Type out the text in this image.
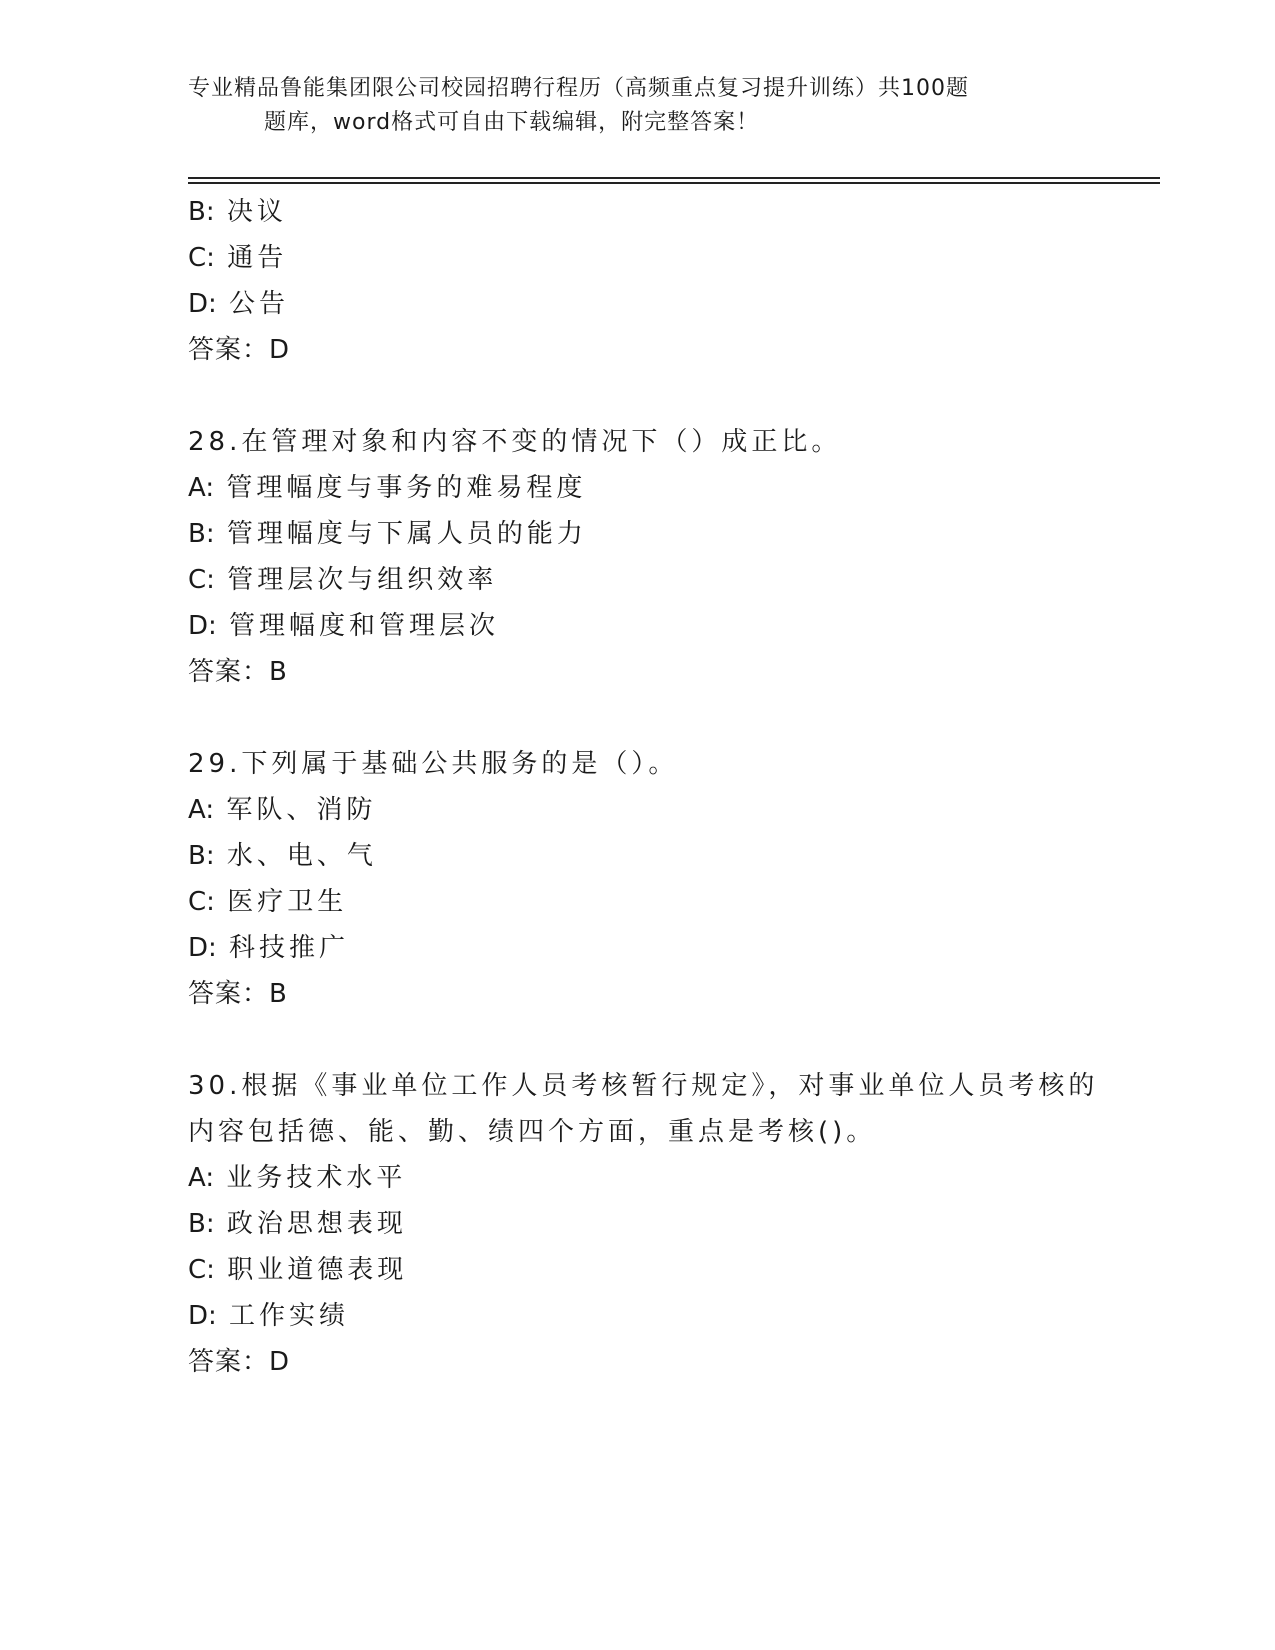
专业精品鲁能集团限公司校园招聘行程历（高频重点复习提升训练）共100题
题库，word格式可自由下载编辑，附完整答案！
B: 决议
C: 通告
D: 公告
答案：D
28.在管理对象和内容不变的情况下（）成正比。
A: 管理幅度与事务的难易程度
B: 管理幅度与下属人员的能力
C: 管理层次与组织效率
D: 管理幅度和管理层次
答案：B
29.下列属于基础公共服务的是（）。
A: 军队、消防
B: 水、电、气
C: 医疗卫生
D: 科技推广
答案：B
30.根据《事业单位工作人员考核暂行规定》，对事业单位人员考核的
内容包括德、能、勤、绩四个方面，重点是考核()。
A: 业务技术水平
B: 政治思想表现
C: 职业道德表现
D: 工作实绩
答案：D
